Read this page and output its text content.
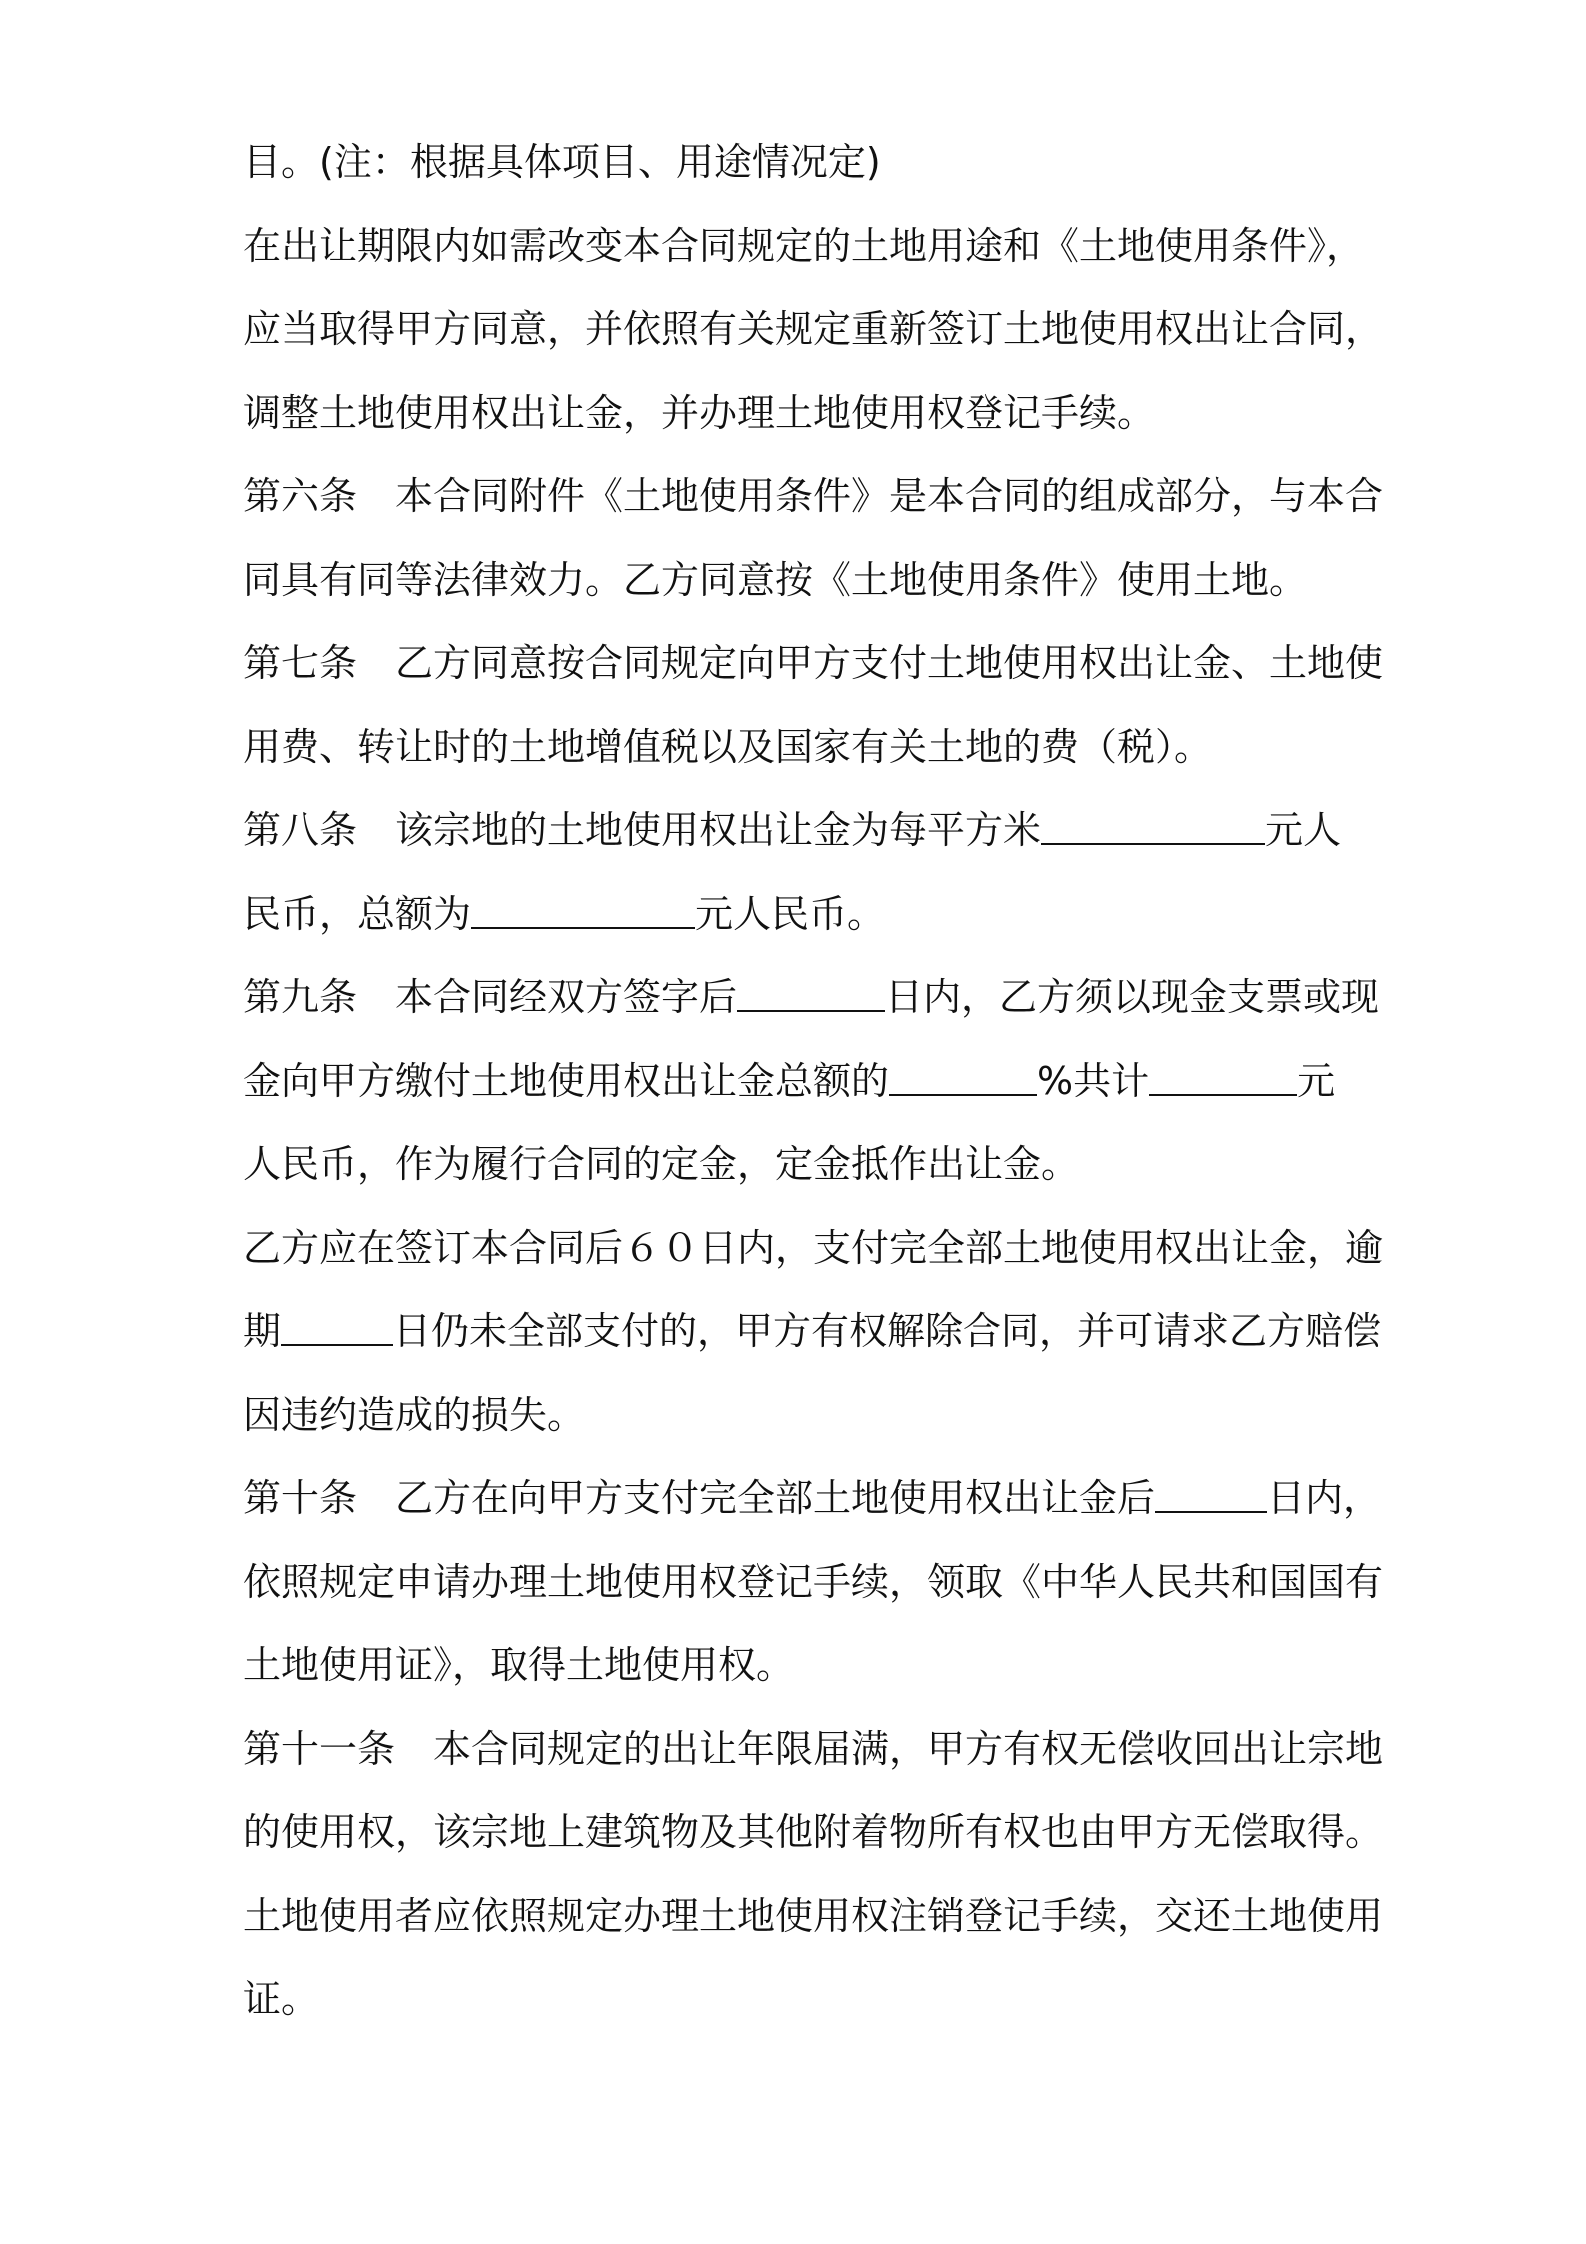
目。(注：根据具体项目、用途情况定)
在出让期限内如需改变本合同规定的土地用途和《土地使用条件》，
应当取得甲方同意，并依照有关规定重新签订土地使用权出让合同，
调整土地使用权出让金，并办理土地使用权登记手续。
第六条 本合同附件《土地使用条件》是本合同的组成部分，与本合
同具有同等法律效力。乙方同意按《土地使用条件》使用土地。
第七条 乙方同意按合同规定向甲方支付土地使用权出让金、土地使
用费、转让时的土地增值税以及国家有关土地的费（税）。
第八条 该宗地的土地使用权出让金为每平方米	元人
民币，总额为	元人民币。
第九条 本合同经双方签字后	日内，乙方须以现金支票或现
金向甲方缴付土地使用权出让金总额的	%共计	元
人民币，作为履行合同的定金，定金抵作出让金。
乙方应在签订本合同后６０日内，支付完全部土地使用权出让金，逾
期	日仍未全部支付的，甲方有权解除合同，并可请求乙方赔偿
因违约造成的损失。
第十条 乙方在向甲方支付完全部土地使用权出让金后	日内，
依照规定申请办理土地使用权登记手续，领取《中华人民共和国国有
土地使用证》，取得土地使用权。
第十一条 本合同规定的出让年限届满，甲方有权无偿收回出让宗地
的使用权，该宗地上建筑物及其他附着物所有权也由甲方无偿取得。
土地使用者应依照规定办理土地使用权注销登记手续，交还土地使用
证。
